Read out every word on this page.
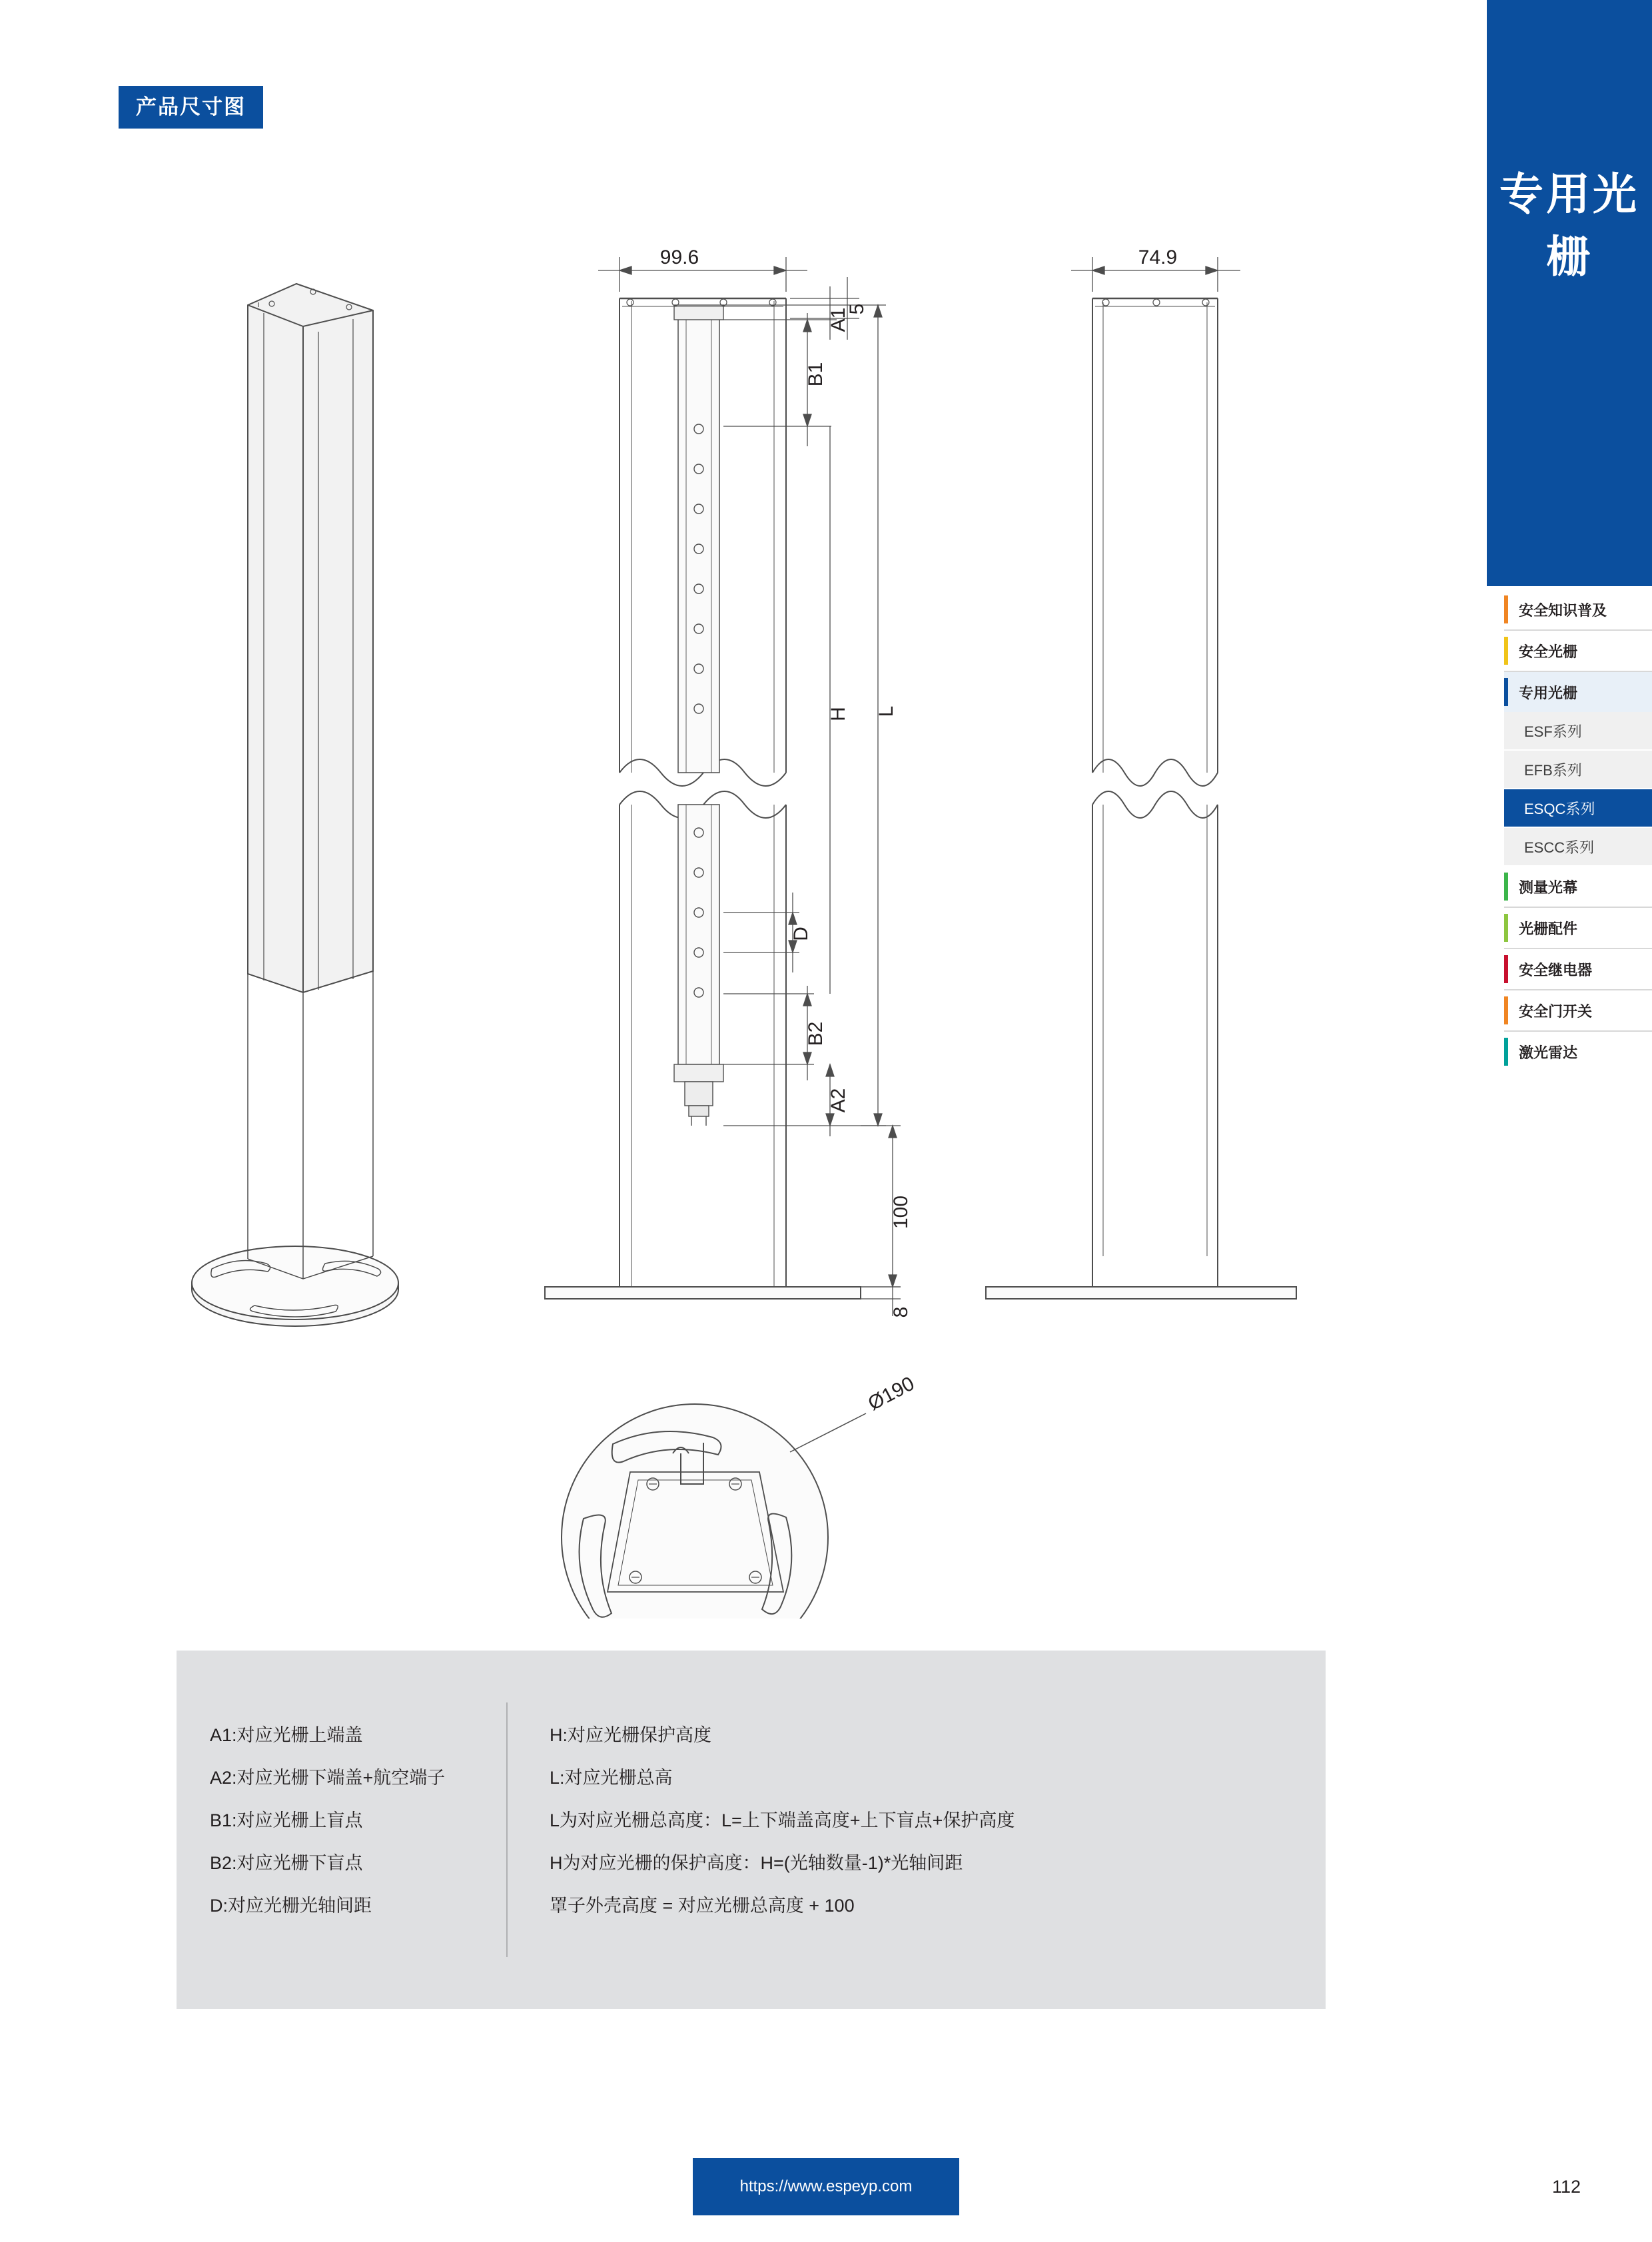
产品尺寸图
专用光栅
安全知识普及
安全光栅
专用光栅
ESF系列
EFB系列
ESQC系列
ESCC系列
测量光幕
光栅配件
安全继电器
安全门开关
激光雷达
99.6	74.9
5
A1
B1
D
B2
A2
H L
100
8
Ø190
A1:对应光栅上端盖
A2:对应光栅下端盖+航空端子
B1:对应光栅上盲点
B2:对应光栅下盲点
D:对应光栅光轴间距
H:对应光栅保护高度
L:对应光栅总高
L为对应光栅总高度：L=上下端盖高度+上下盲点+保护高度
H为对应光栅的保护高度：H=(光轴数量-1)*光轴间距
罩子外壳高度 = 对应光栅总高度 + 100
https://www.espeyp.com	112
